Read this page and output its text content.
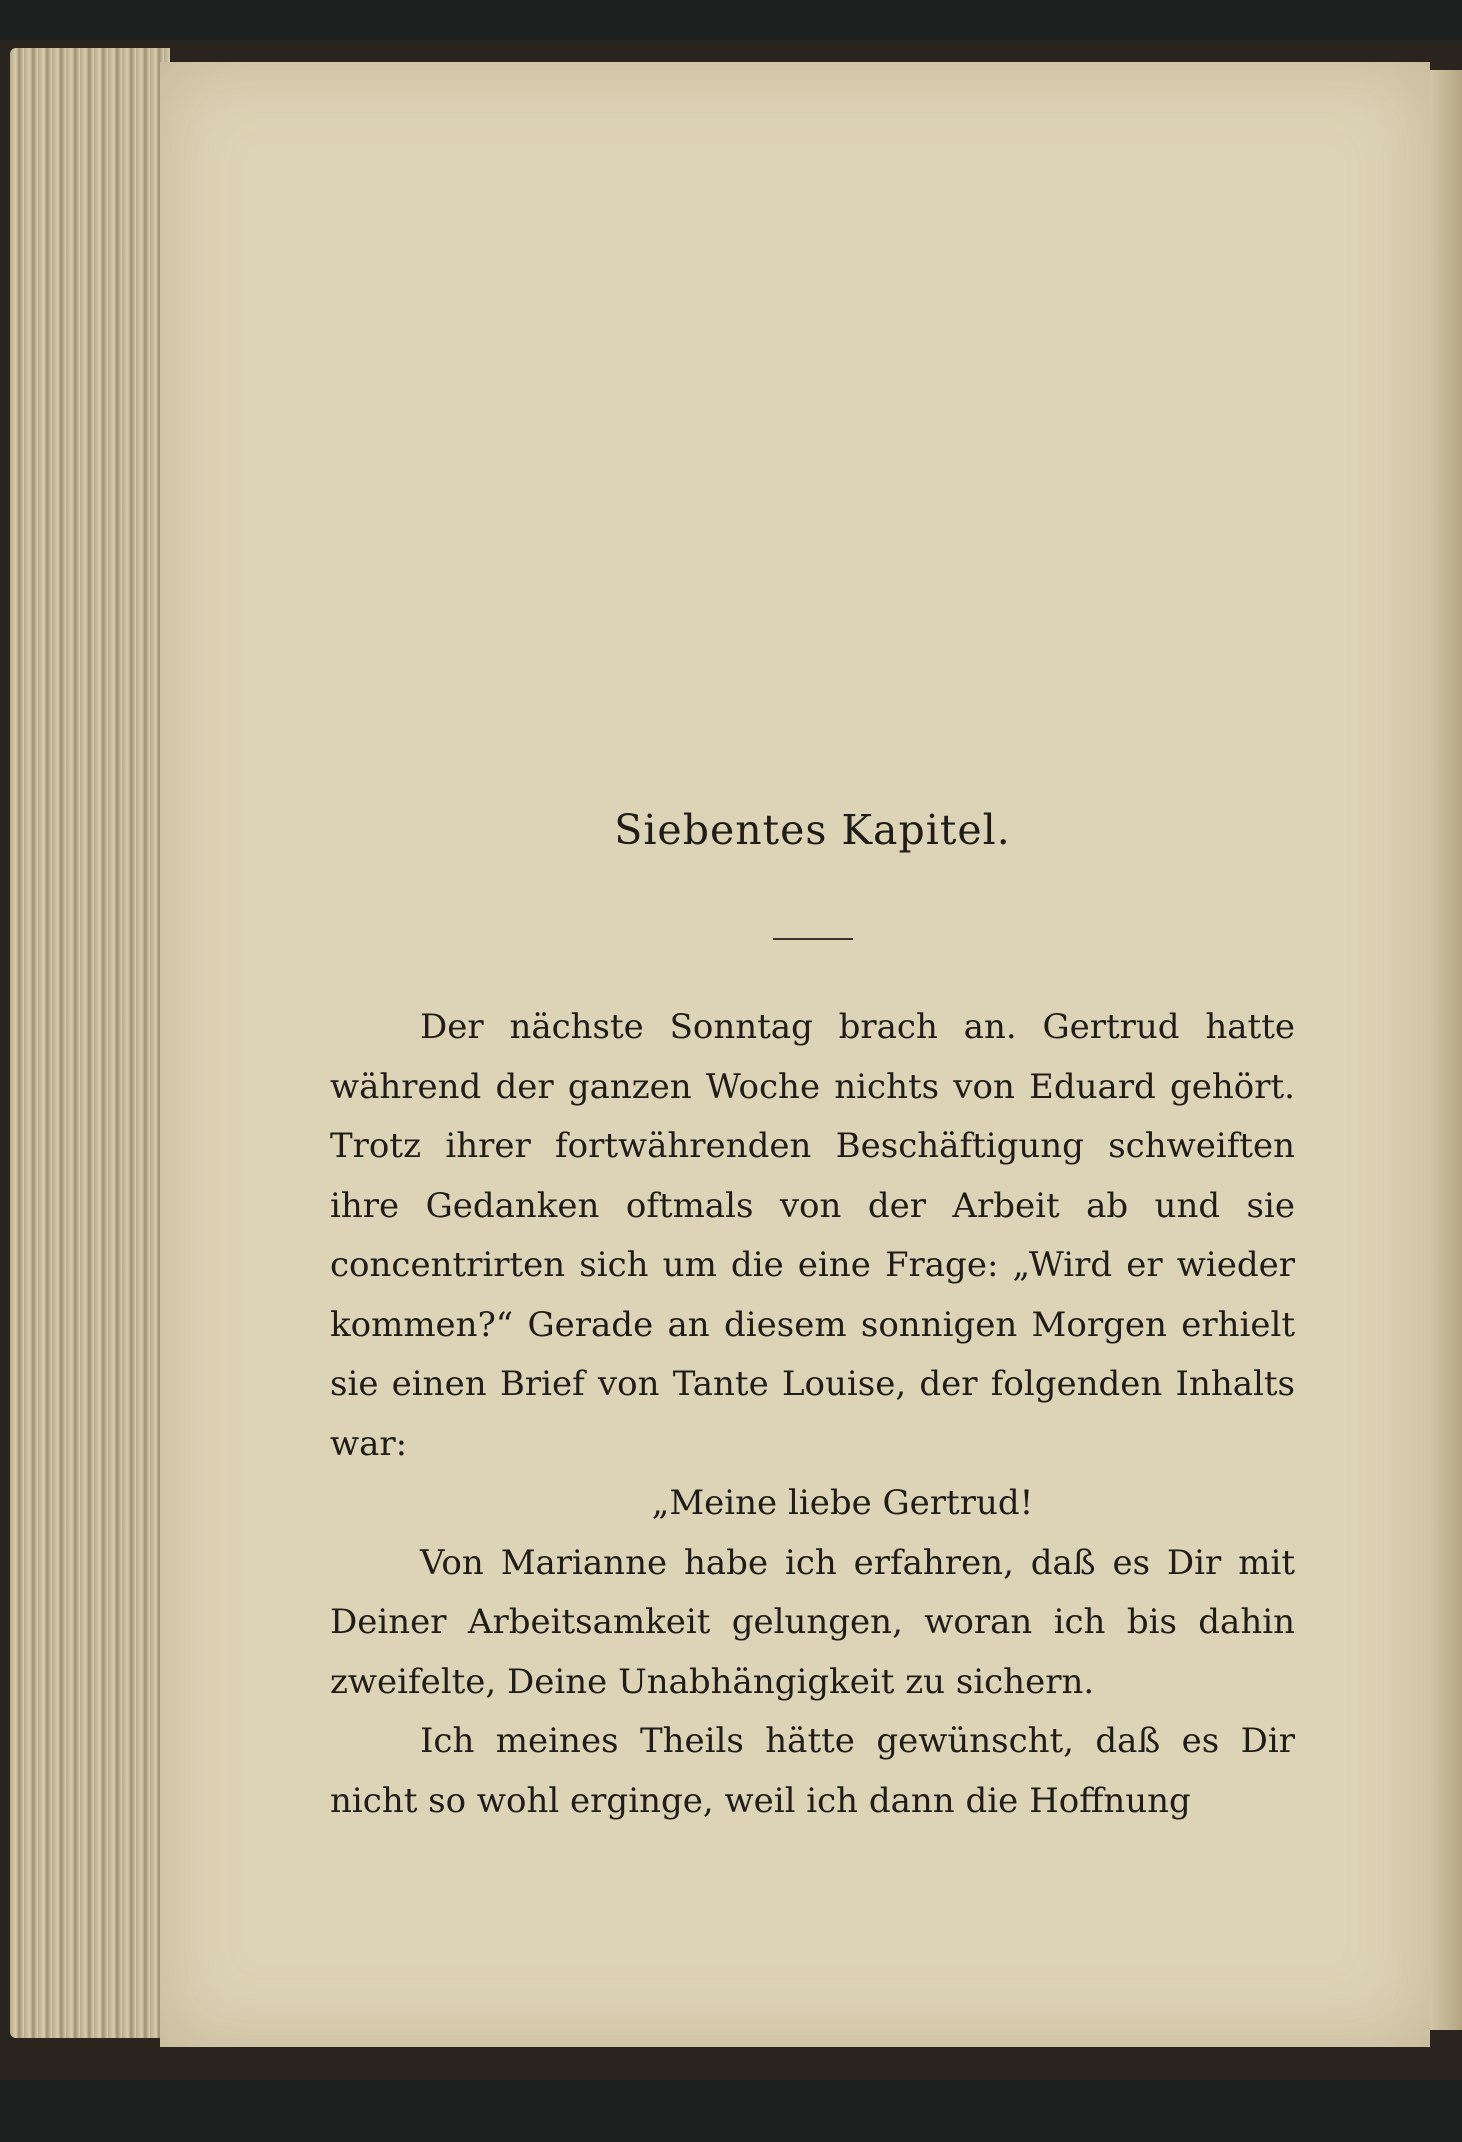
Siebentes Kapitel.

Der nächste Sonntag brach an. Gertrud hatte während der ganzen Woche nichts von Eduard gehört. Trotz ihrer fortwährenden Beschäftigung schweiften ihre Gedanken oftmals von der Arbeit ab und sie concentrirten sich um die eine Frage: „Wird er wieder kommen?“ Gerade an diesem sonnigen Morgen erhielt sie einen Brief von Tante Louise, der folgenden Inhalts war:

„Meine liebe Gertrud!

Von Marianne habe ich erfahren, daß es Dir mit Deiner Arbeitsamkeit gelungen, woran ich bis dahin zweifelte, Deine Unabhängigkeit zu sichern.

Ich meines Theils hätte gewünscht, daß es Dir nicht so wohl erginge, weil ich dann die Hoffnung
